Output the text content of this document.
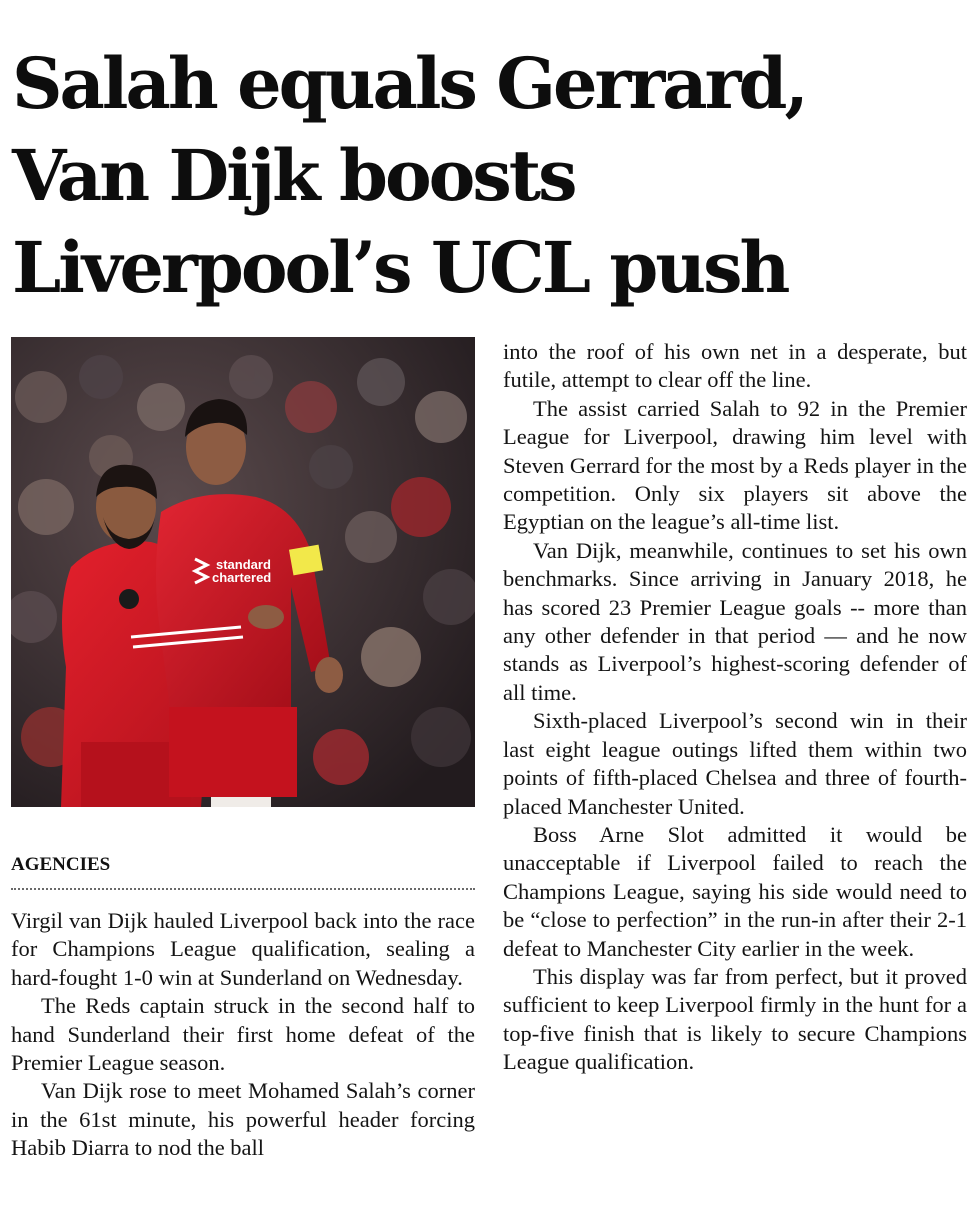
Salah equals Gerrard,
Van Dijk boosts
Liverpool’s UCL push
standard
chartered
AGENCIES

Virgil van Dijk hauled Liverpool back into the race for Champions League qualification, sealing a hard-fought 1-0 win at Sunderland on Wednesday.

The Reds captain struck in the second half to hand Sunderland their first home defeat of the Premier League season.

Van Dijk rose to meet Mohamed Salah’s corner in the 61st minute, his powerful header forcing Habib Diarra to nod the ball

into the roof of his own net in a desperate, but futile, attempt to clear off the line.

The assist carried Salah to 92 in the Premier League for Liverpool, drawing him level with Steven Gerrard for the most by a Reds player in the competition. Only six players sit above the Egyptian on the league’s all-time list.

Van Dijk, meanwhile, continues to set his own benchmarks. Since arriving in January 2018, he has scored 23 Premier League goals -- more than any other defender in that period — and he now stands as Liverpool’s highest-scoring defender of all time.

Sixth-placed Liverpool’s second win in their last eight league outings lifted them within two points of fifth-placed Chelsea and three of fourth-placed Manchester United.

Boss Arne Slot admitted it would be unacceptable if Liverpool failed to reach the Champions League, saying his side would need to be “close to perfection” in the run-in after their 2-1 defeat to Manchester City earlier in the week.

This display was far from perfect, but it proved sufficient to keep Liverpool firmly in the hunt for a top-five finish that is likely to secure Champions League qualification.
